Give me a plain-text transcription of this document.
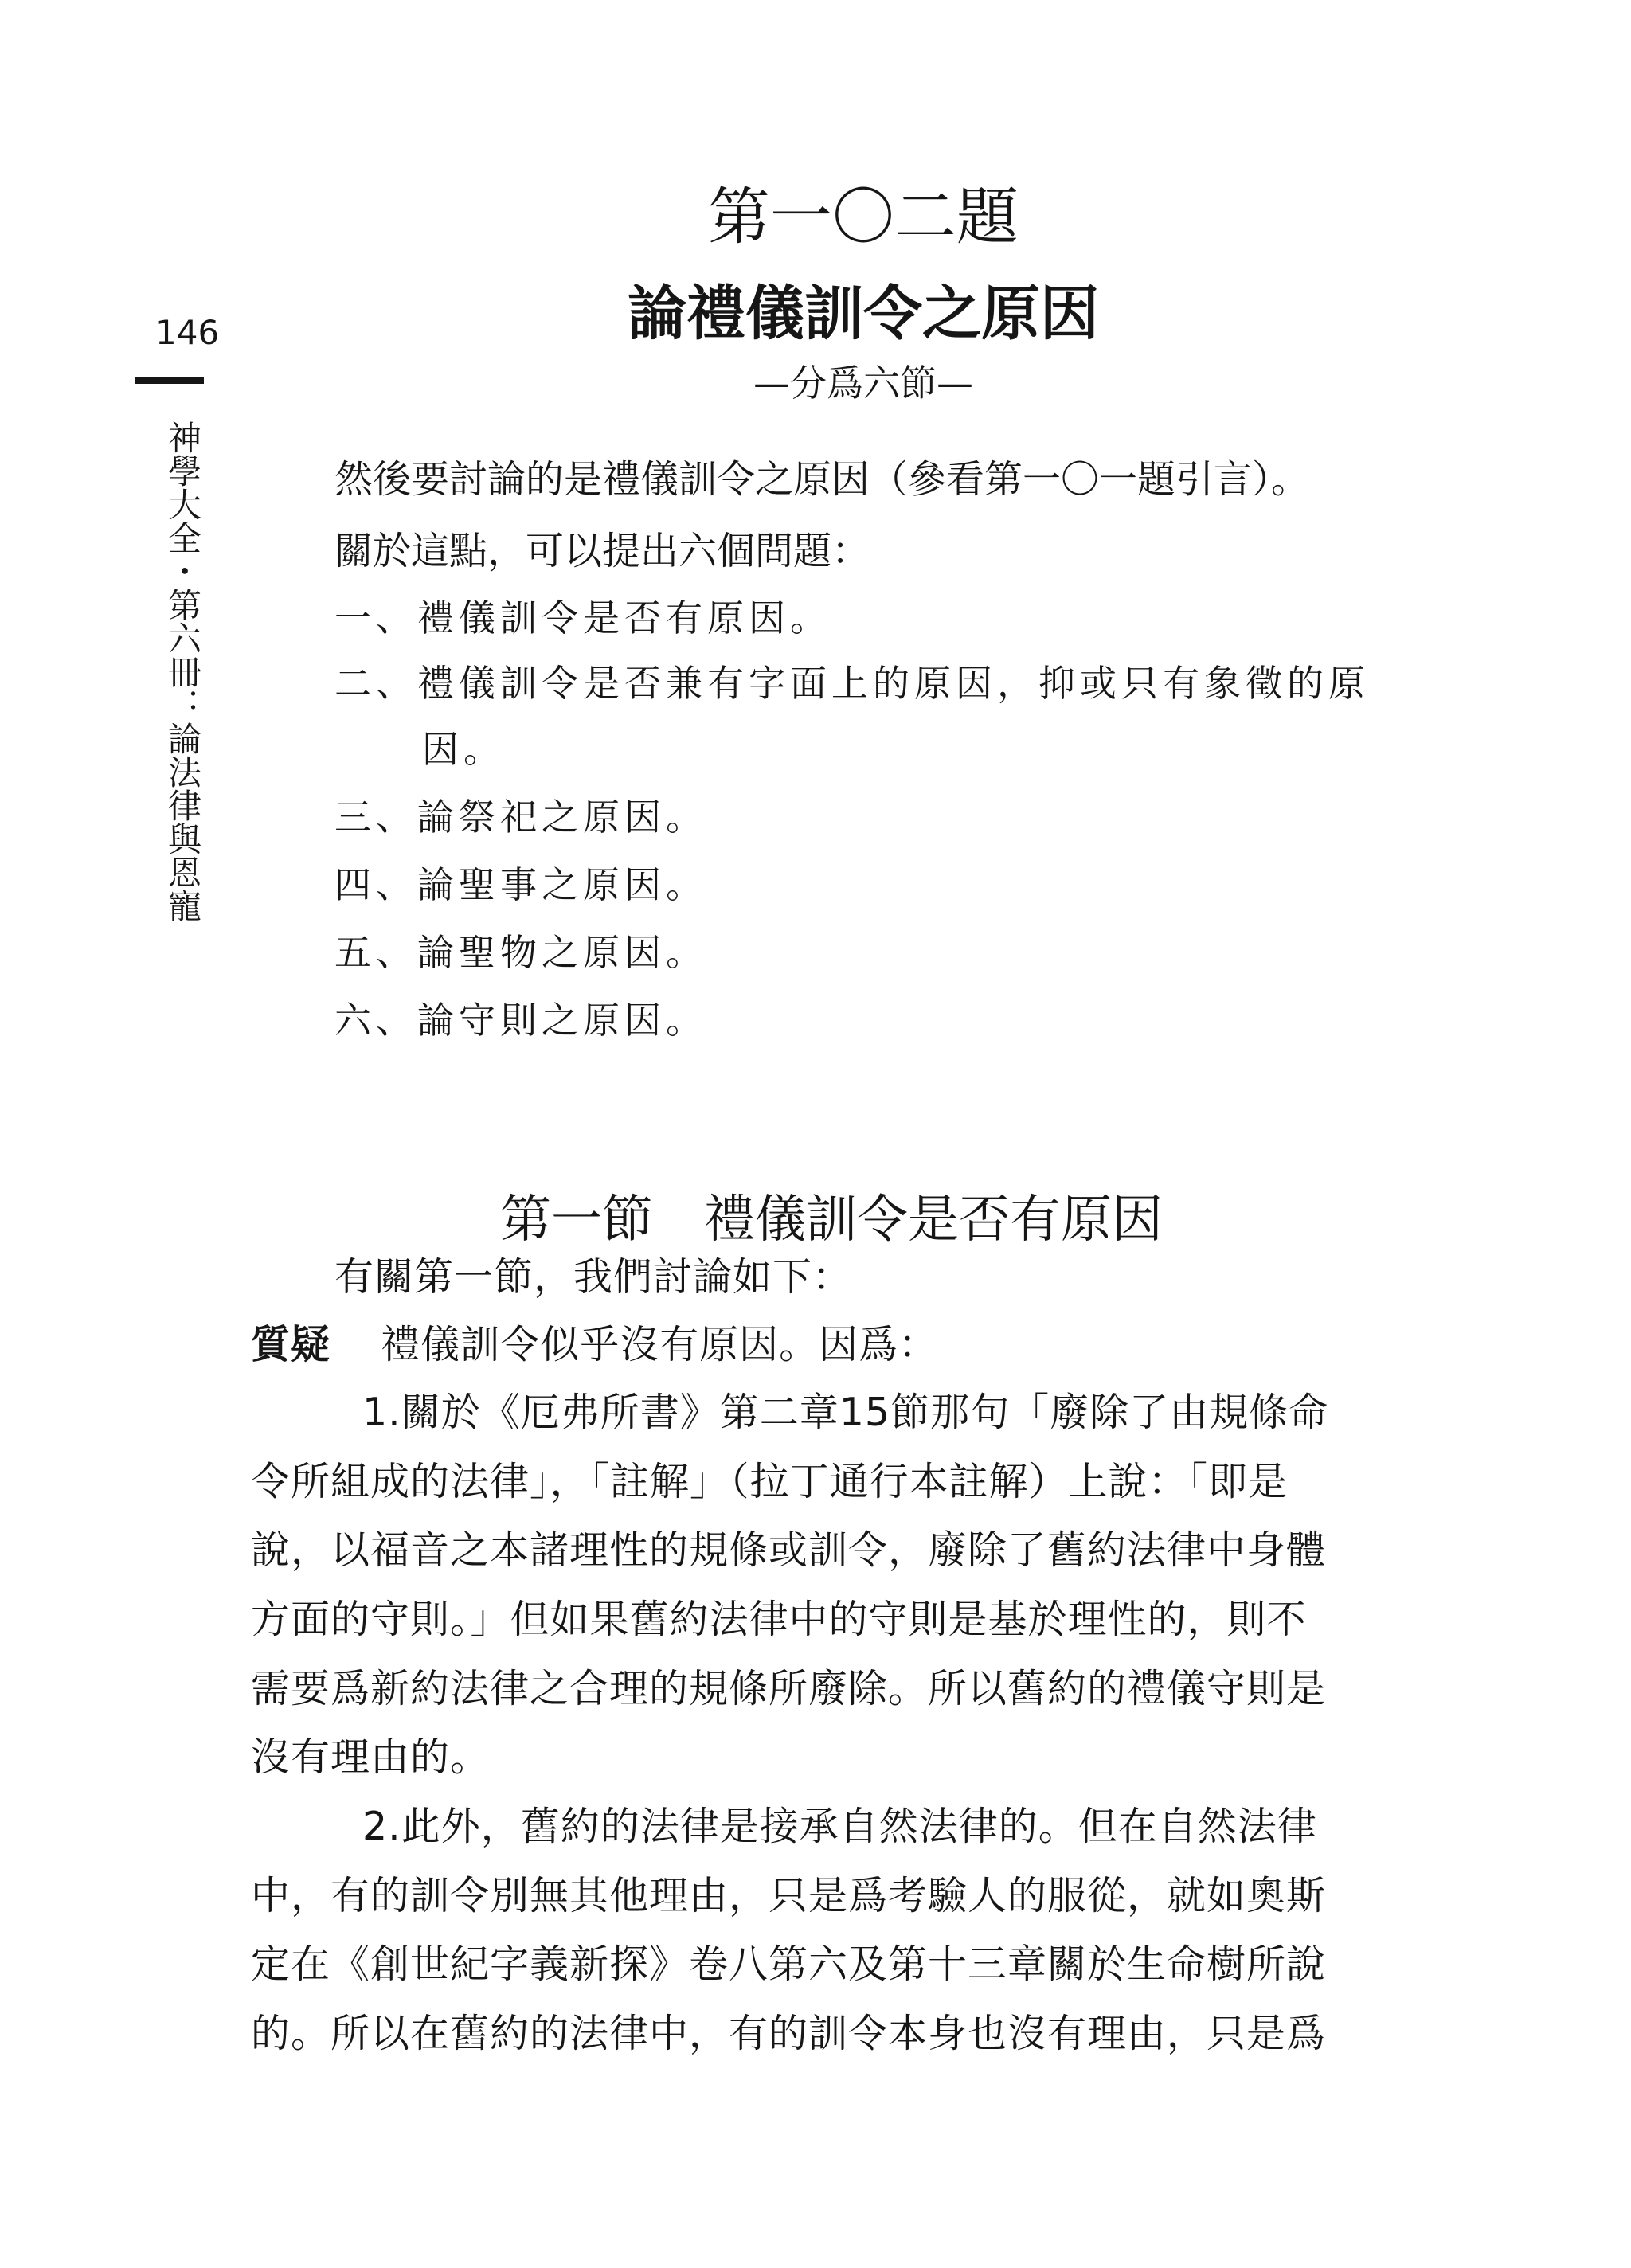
146
神學大全・第六冊：論法律與恩寵
第一〇二題
論禮儀訓令之原因
—分爲六節—
然後要討論的是禮儀訓令之原因（參看第一〇一題引言）。
關於這點，可以提出六個問題：
一、禮儀訓令是否有原因。
二、禮儀訓令是否兼有字面上的原因，抑或只有象徵的原
因。
三、論祭祀之原因。
四、論聖事之原因。
五、論聖物之原因。
六、論守則之原因。
第一節　禮儀訓令是否有原因
有關第一節，我們討論如下：
質疑 禮儀訓令似乎沒有原因。因爲：
1.關於《厄弗所書》第二章15節那句「廢除了由規條命
令所組成的法律」，「註解」（拉丁通行本註解）上說：「即是
說，以福音之本諸理性的規條或訓令，廢除了舊約法律中身體
方面的守則。」但如果舊約法律中的守則是基於理性的，則不
需要爲新約法律之合理的規條所廢除。所以舊約的禮儀守則是
沒有理由的。
2.此外，舊約的法律是接承自然法律的。但在自然法律
中，有的訓令別無其他理由，只是爲考驗人的服從，就如奧斯
定在《創世紀字義新探》卷八第六及第十三章關於生命樹所說
的。所以在舊約的法律中，有的訓令本身也沒有理由，只是爲
